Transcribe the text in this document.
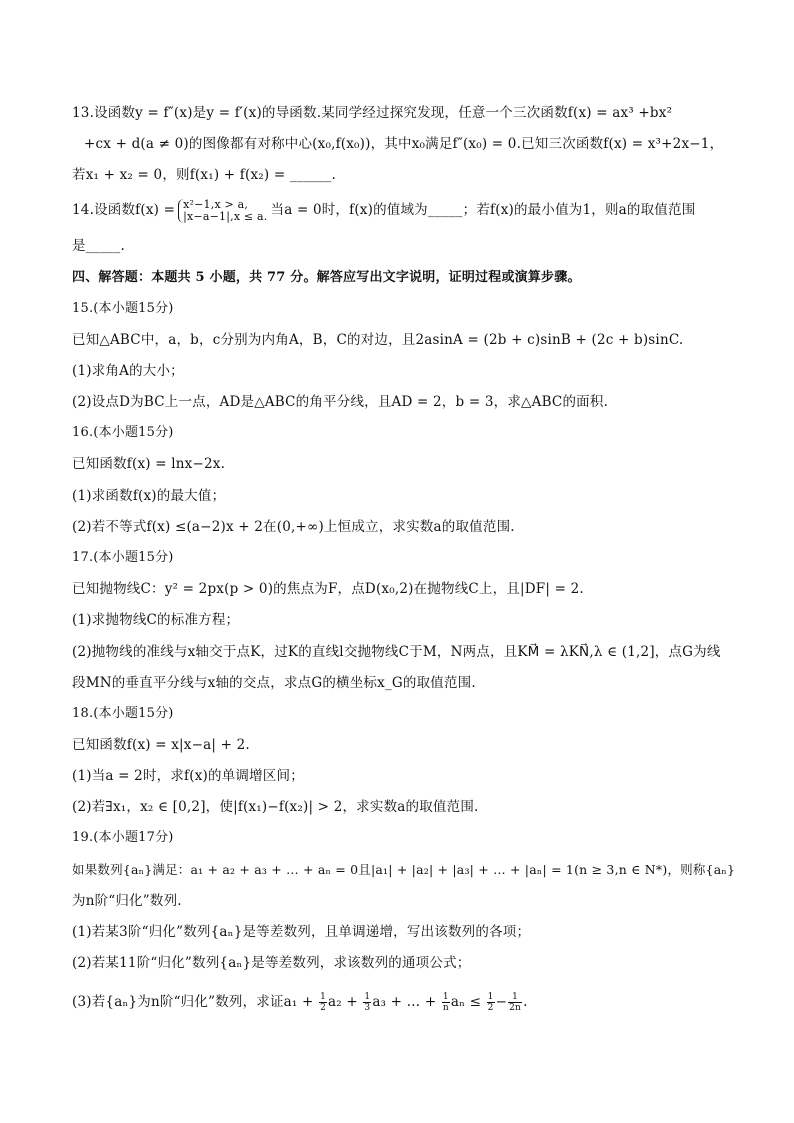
13.设函数y = f″(x)是y = f′(x)的导函数.某同学经过探究发现，任意一个三次函数f(x) = ax³ +bx²
+cx + d(a ≠ 0)的图像都有对称中心(x₀,f(x₀))，其中x₀满足f″(x₀) = 0.已知三次函数f(x) = x³+2x−1，
若x₁ + x₂ = 0，则f(x₁) + f(x₂) = ______.
14.设函数f(x) = x²−1,x > a,
|x−a−1|,x ≤ a. 当a = 0时，f(x)的值域为_____；若f(x)的最小值为1，则a的取值范围
是_____.
四、解答题：本题共 5 小题，共 77 分。解答应写出文字说明，证明过程或演算步骤。
15.(本小题15分)
已知△ABC中，a，b，c分别为内角A，B，C的对边，且2asinA = (2b + c)sinB + (2c + b)sinC.
(1)求角A的大小；
(2)设点D为BC上一点，AD是△ABC的角平分线，且AD = 2，b = 3，求△ABC的面积.
16.(本小题15分)
已知函数f(x) = lnx−2x.
(1)求函数f(x)的最大值；
(2)若不等式f(x) ≤(a−2)x + 2在(0,+∞)上恒成立，求实数a的取值范围.
17.(本小题15分)
已知抛物线C：y² = 2px(p > 0)的焦点为F，点D(x₀,2)在抛物线C上，且|DF| = 2.
(1)求抛物线C的标准方程；
(2)抛物线的准线与x轴交于点K，过K的直线l交抛物线C于M，N两点，且KM⃗ = λKN⃗,λ ∈ (1,2]，点G为线
段MN的垂直平分线与x轴的交点，求点G的横坐标x_G的取值范围.
18.(本小题15分)
已知函数f(x) = x|x−a| + 2.
(1)当a = 2时，求f(x)的单调增区间；
(2)若∃x₁，x₂ ∈ [0,2]，使|f(x₁)−f(x₂)| > 2，求实数a的取值范围.
19.(本小题17分)
如果数列{aₙ}满足：a₁ + a₂ + a₃ + … + aₙ = 0且|a₁| + |a₂| + |a₃| + … + |aₙ| = 1(n ≥ 3,n ∈ N*)，则称{aₙ}
为n阶“归化”数列.
(1)若某3阶“归化”数列{aₙ}是等差数列，且单调递增，写出该数列的各项；
(2)若某11阶“归化”数列{aₙ}是等差数列，求该数列的通项公式；
(3)若{aₙ}为n阶“归化”数列，求证$a_1 + \frac{1}{2} a_2 + \frac{1}{3} a_3$ + … + $\frac{1}{n}$ $a_n \le \frac{1}{2} - \frac{1}{2n}$ .
